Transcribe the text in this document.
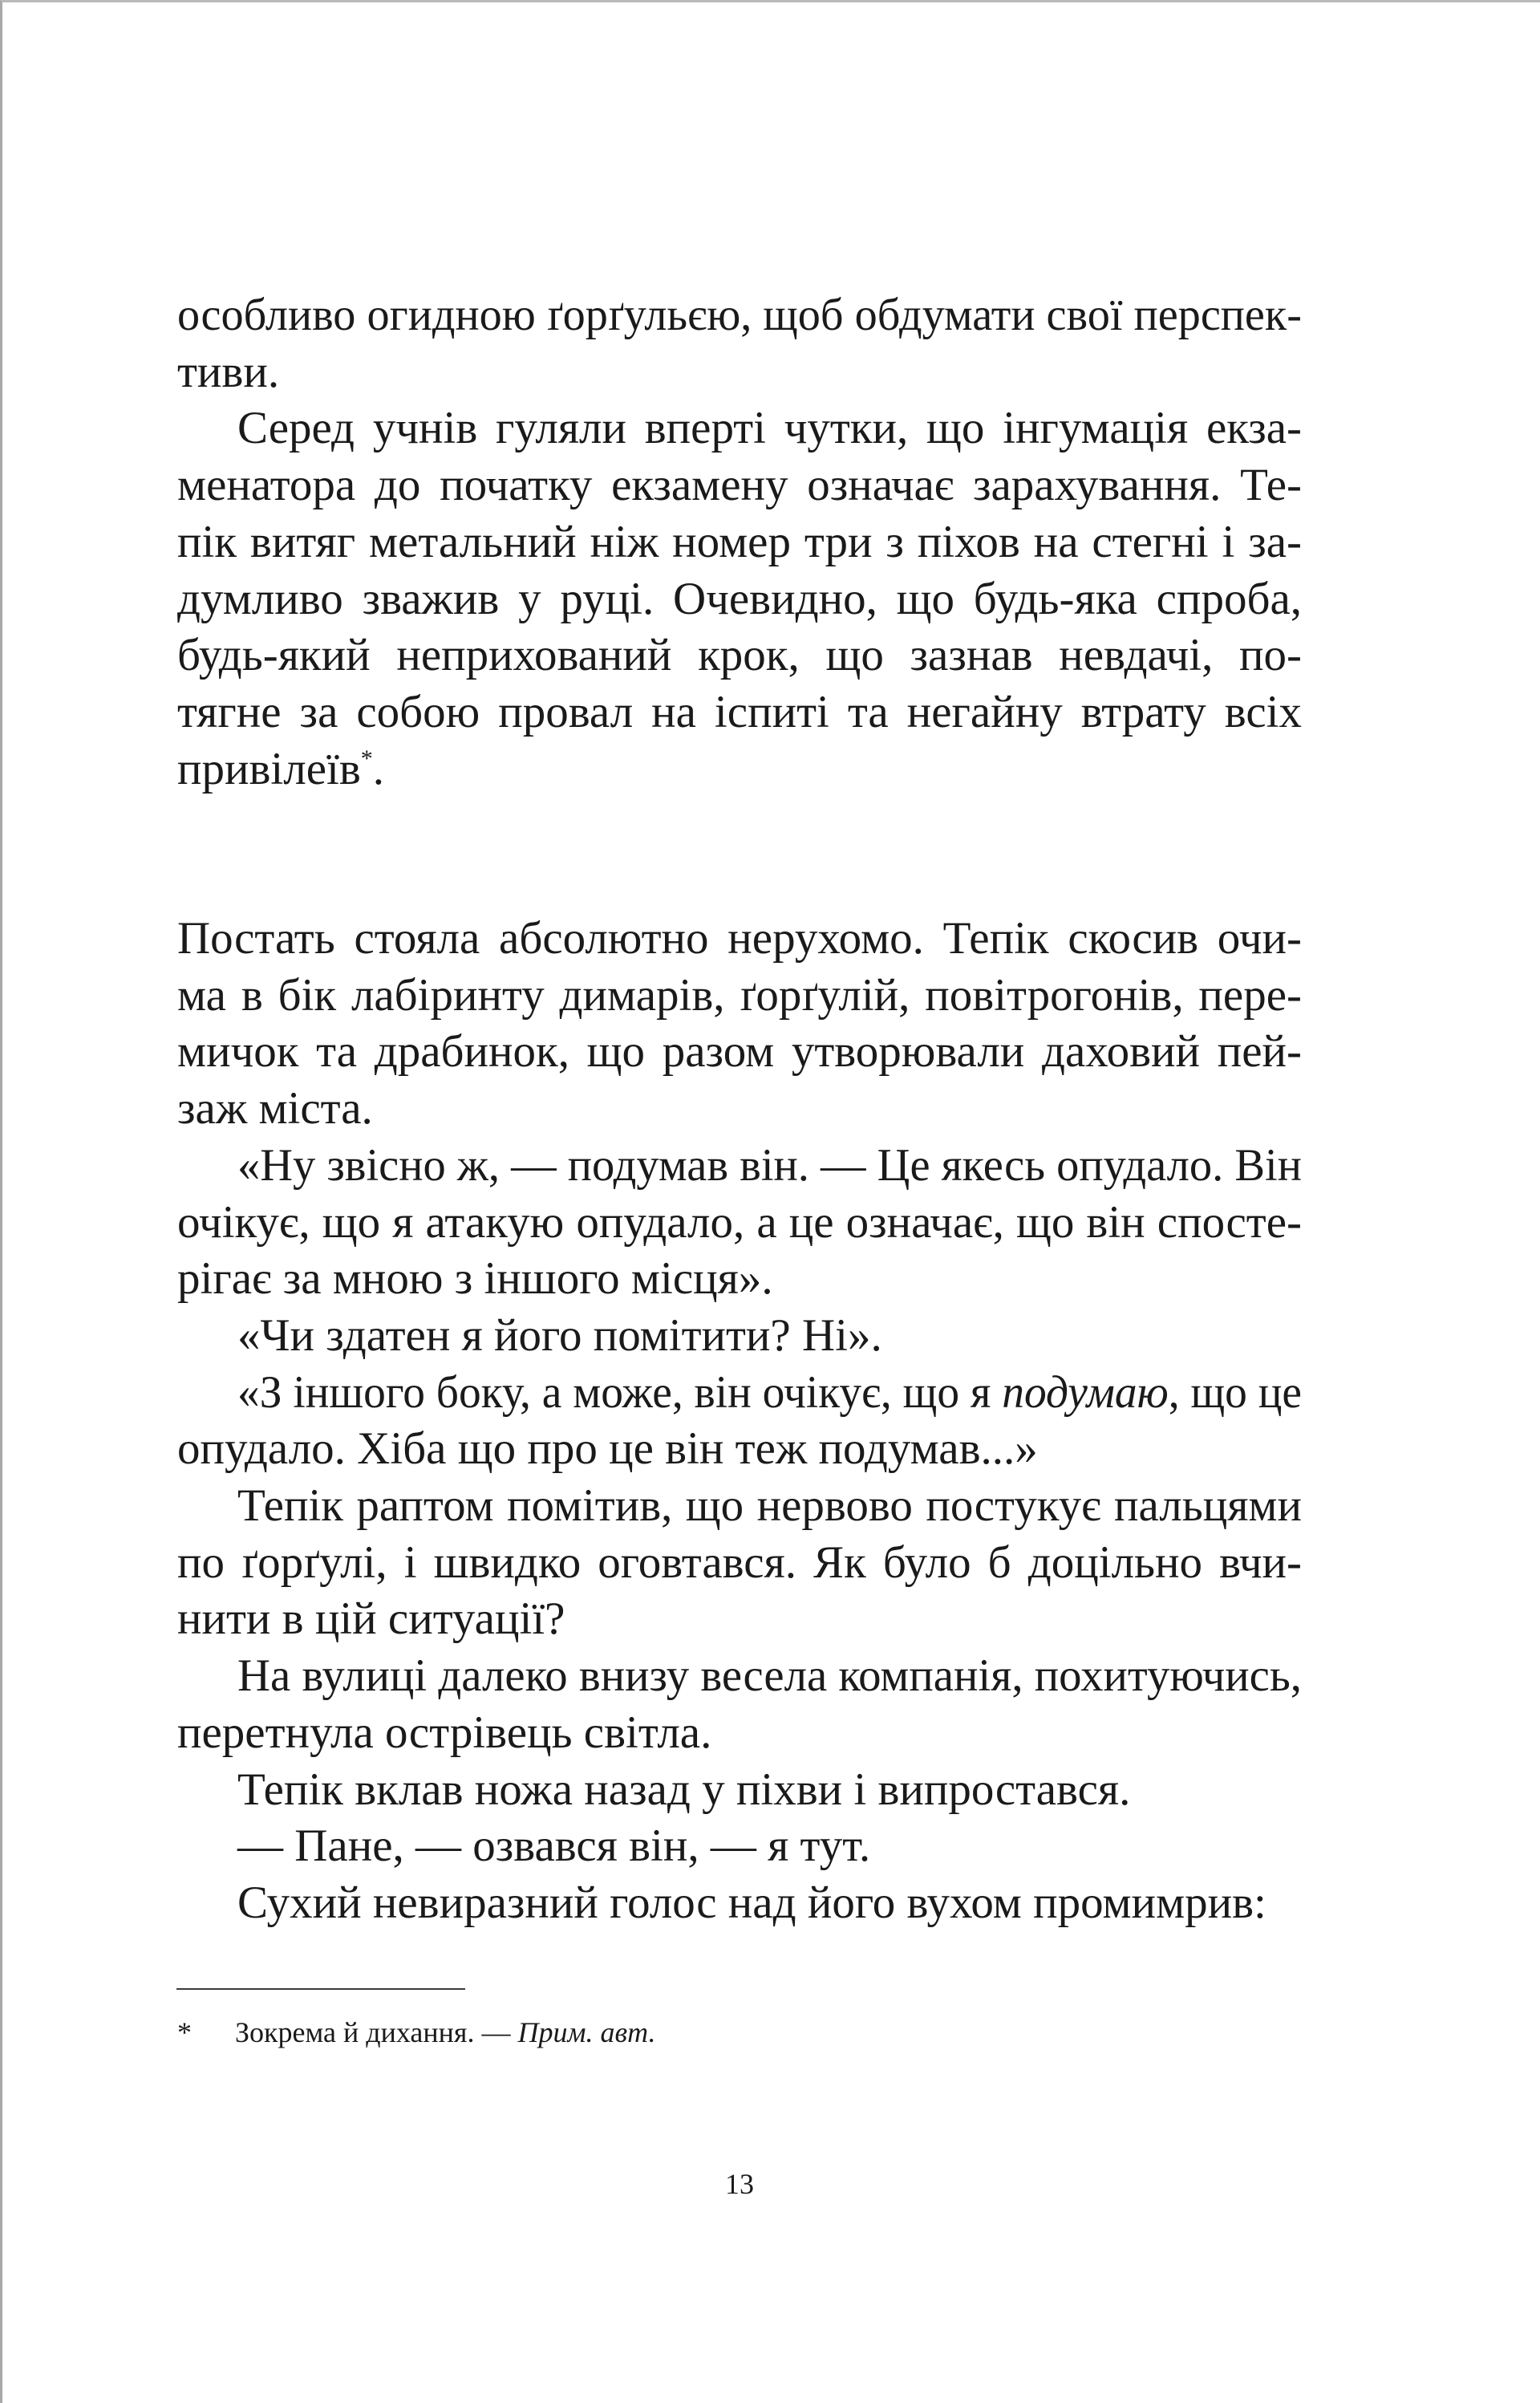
особливо огидною ґорґульєю, щоб обдумати свої перспек-
тиви.
Серед учнів гуляли вперті чутки, що інгумація екза-
менатора до початку екзамену означає зарахування. Те-
пік витяг метальний ніж номер три з піхов на стегні і за-
думливо зважив у руці. Очевидно, що будь-яка спроба,
будь-який неприхований крок, що зазнав невдачі, по-
тягне за собою провал на іспиті та негайну втрату всіх
привілеїв*.
Постать стояла абсолютно нерухомо. Тепік скосив очи-
ма в бік лабіринту димарів, ґорґулій, повітрогонів, пере-
мичок та драбинок, що разом утворювали даховий пей-
заж міста.
«Ну звісно ж, — подумав він. — Це якесь опудало. Він
очікує, що я атакую опудало, а це означає, що він спосте-
рігає за мною з іншого місця».
«Чи здатен я його помітити? Ні».
«З іншого боку, а може, він очікує, що я подумаю, що це
опудало. Хіба що про це він теж подумав...»
Тепік раптом помітив, що нервово постукує пальцями
по ґорґулі, і швидко оговтався. Як було б доцільно вчи-
нити в цій ситуації?
На вулиці далеко внизу весела компанія, похитуючись,
перетнула острівець світла.
Тепік вклав ножа назад у піхви і випростався.
— Пане, — озвався він, — я тут.
Сухий невиразний голос над його вухом промимрив:
* Зокрема й дихання. — Прим. авт.
13
